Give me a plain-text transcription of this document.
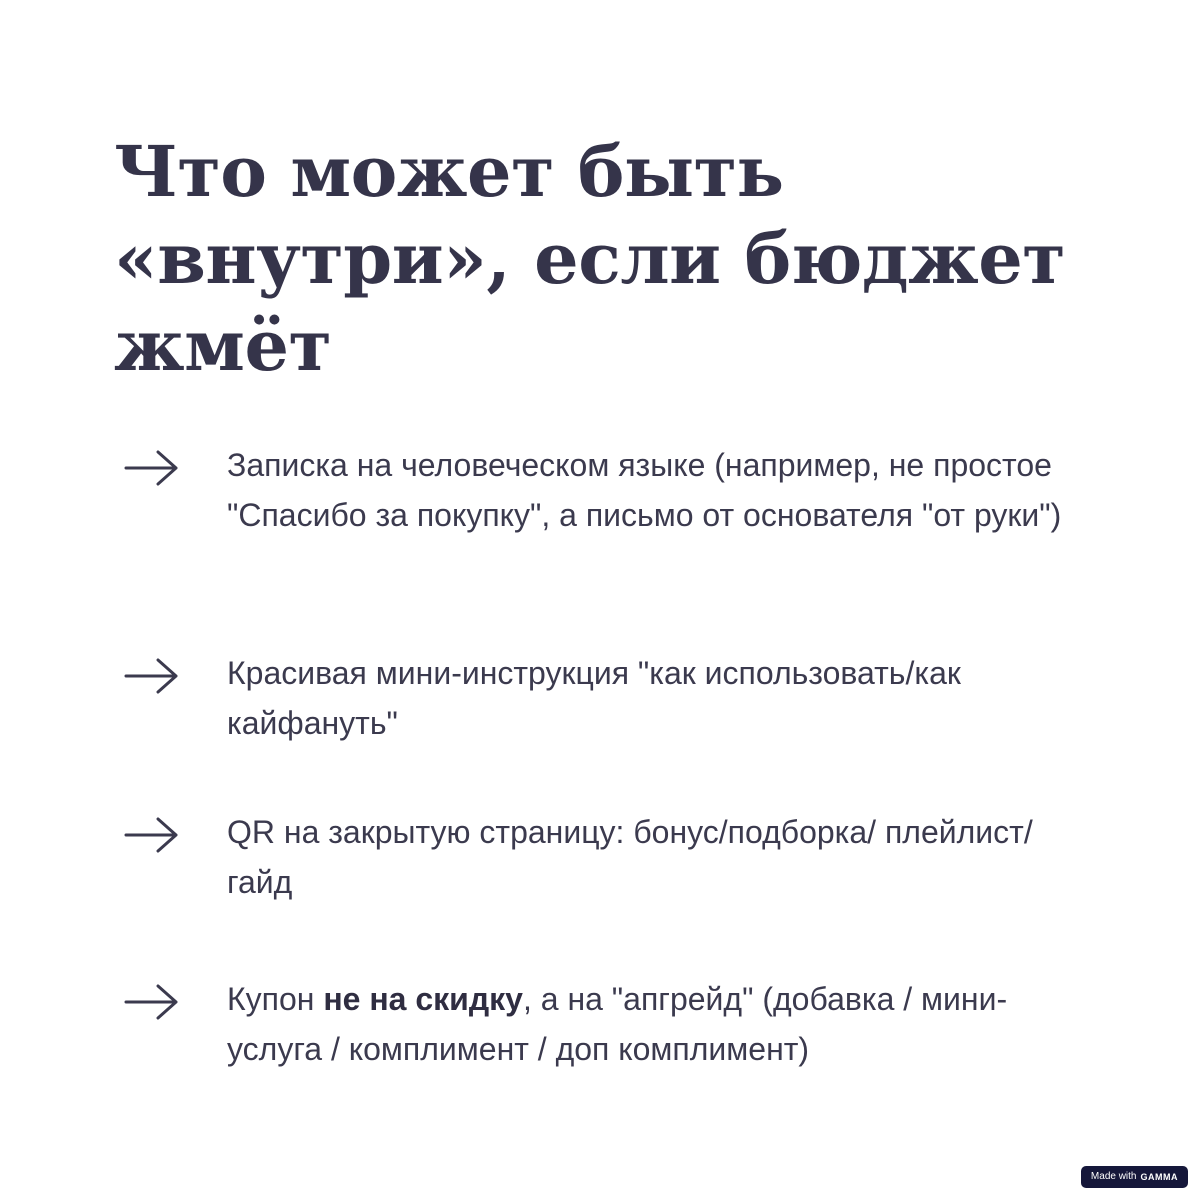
Что может быть
«внутри», если бюджет
жмёт
Записка на человеческом языке (например, не простое "Спасибо за покупку", а письмо от основателя "от руки")
Красивая мини-инструкция "как использовать/как кайфануть"
QR на закрытую страницу: бонус/подборка/ плейлист/гайд
Купон не на скидку, а на "апгрейд" (добавка / мини-услуга / комплимент / доп комплимент)
Made with GAMMA
